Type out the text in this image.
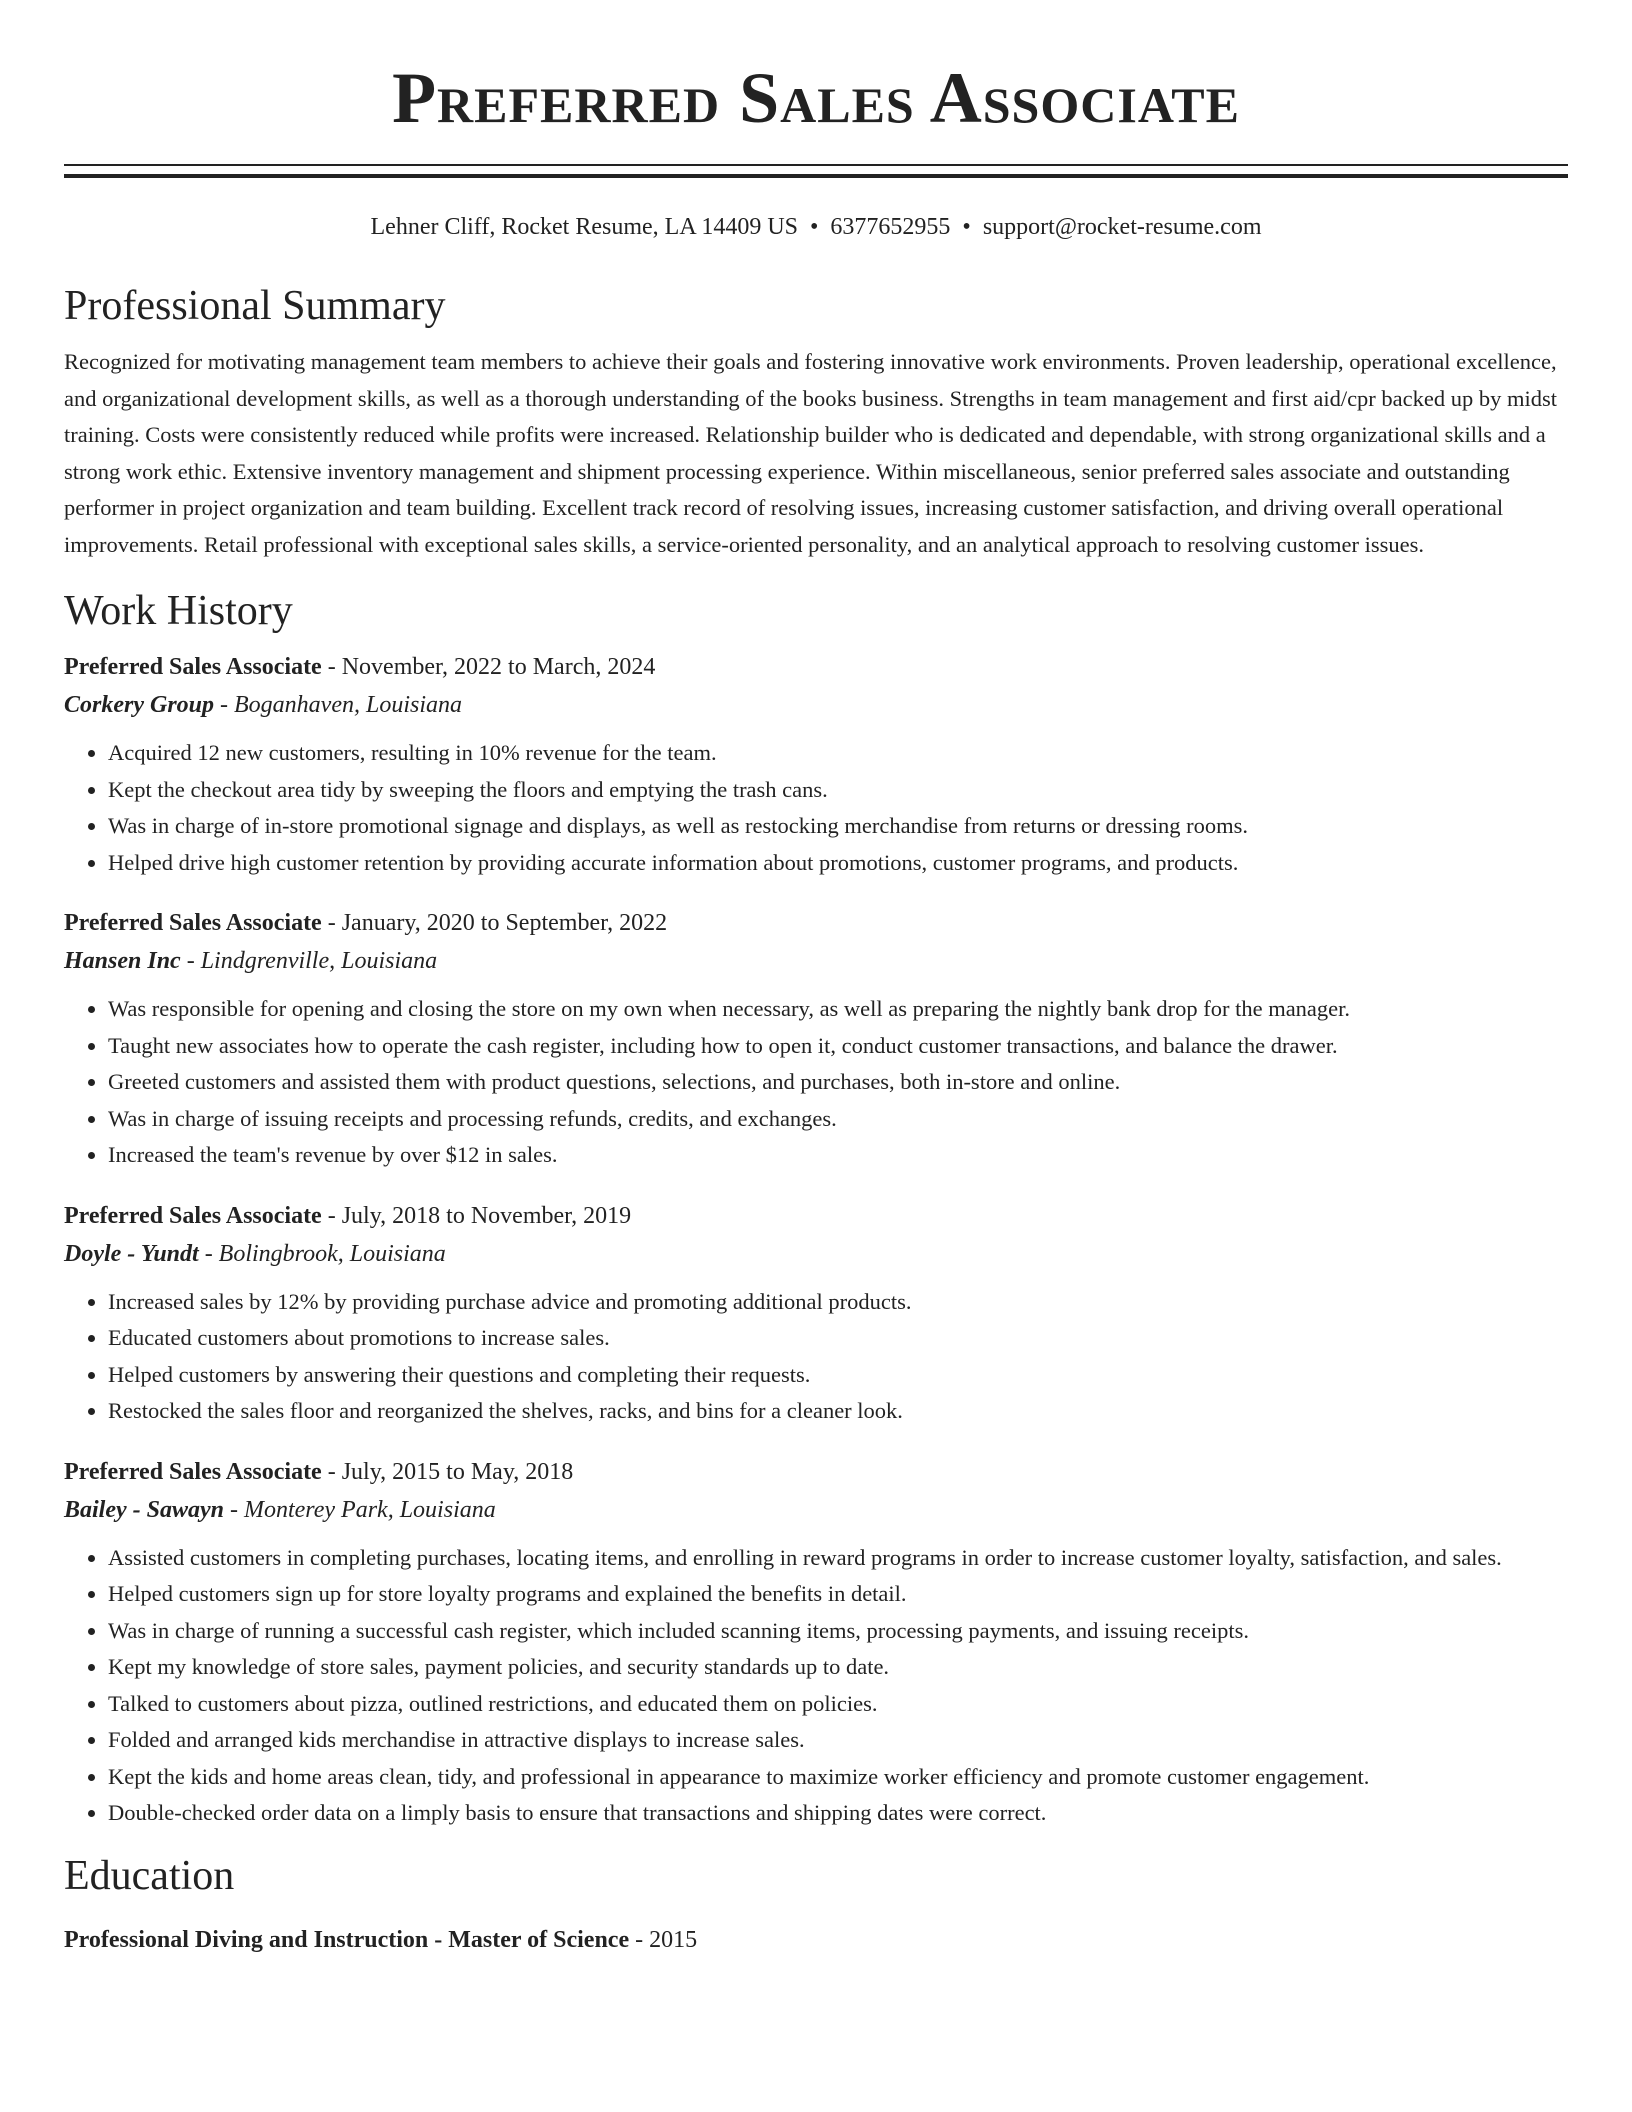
Preferred Sales Associate
Lehner Cliff, Rocket Resume, LA 14409 US • 6377652955 • support@rocket-resume.com
Professional Summary

Recognized for motivating management team members to achieve their goals and fostering innovative work environments. Proven leadership, operational excellence, and organizational development skills, as well as a thorough understanding of the books business. Strengths in team management and first aid/cpr backed up by midst training. Costs were consistently reduced while profits were increased. Relationship builder who is dedicated and dependable, with strong organizational skills and a strong work ethic. Extensive inventory management and shipment processing experience. Within miscellaneous, senior preferred sales associate and outstanding performer in project organization and team building. Excellent track record of resolving issues, increasing customer satisfaction, and driving overall operational improvements. Retail professional with exceptional sales skills, a service-oriented personality, and an analytical approach to resolving customer issues.

Work History
Preferred Sales Associate - November, 2022 to March, 2024
Corkery Group - Boganhaven, Louisiana
• Acquired 12 new customers, resulting in 10% revenue for the team.
• Kept the checkout area tidy by sweeping the floors and emptying the trash cans.
• Was in charge of in-store promotional signage and displays, as well as restocking merchandise from returns or dressing rooms.
• Helped drive high customer retention by providing accurate information about promotions, customer programs, and products.
Preferred Sales Associate - January, 2020 to September, 2022
Hansen Inc - Lindgrenville, Louisiana
• Was responsible for opening and closing the store on my own when necessary, as well as preparing the nightly bank drop for the manager.
• Taught new associates how to operate the cash register, including how to open it, conduct customer transactions, and balance the drawer.
• Greeted customers and assisted them with product questions, selections, and purchases, both in-store and online.
• Was in charge of issuing receipts and processing refunds, credits, and exchanges.
• Increased the team's revenue by over $12 in sales.
Preferred Sales Associate - July, 2018 to November, 2019
Doyle - Yundt - Bolingbrook, Louisiana
• Increased sales by 12% by providing purchase advice and promoting additional products.
• Educated customers about promotions to increase sales.
• Helped customers by answering their questions and completing their requests.
• Restocked the sales floor and reorganized the shelves, racks, and bins for a cleaner look.
Preferred Sales Associate - July, 2015 to May, 2018
Bailey - Sawayn - Monterey Park, Louisiana
• Assisted customers in completing purchases, locating items, and enrolling in reward programs in order to increase customer loyalty, satisfaction, and sales.
• Helped customers sign up for store loyalty programs and explained the benefits in detail.
• Was in charge of running a successful cash register, which included scanning items, processing payments, and issuing receipts.
• Kept my knowledge of store sales, payment policies, and security standards up to date.
• Talked to customers about pizza, outlined restrictions, and educated them on policies.
• Folded and arranged kids merchandise in attractive displays to increase sales.
• Kept the kids and home areas clean, tidy, and professional in appearance to maximize worker efficiency and promote customer engagement.
• Double-checked order data on a limply basis to ensure that transactions and shipping dates were correct.
Education
Professional Diving and Instruction - Master of Science - 2015
